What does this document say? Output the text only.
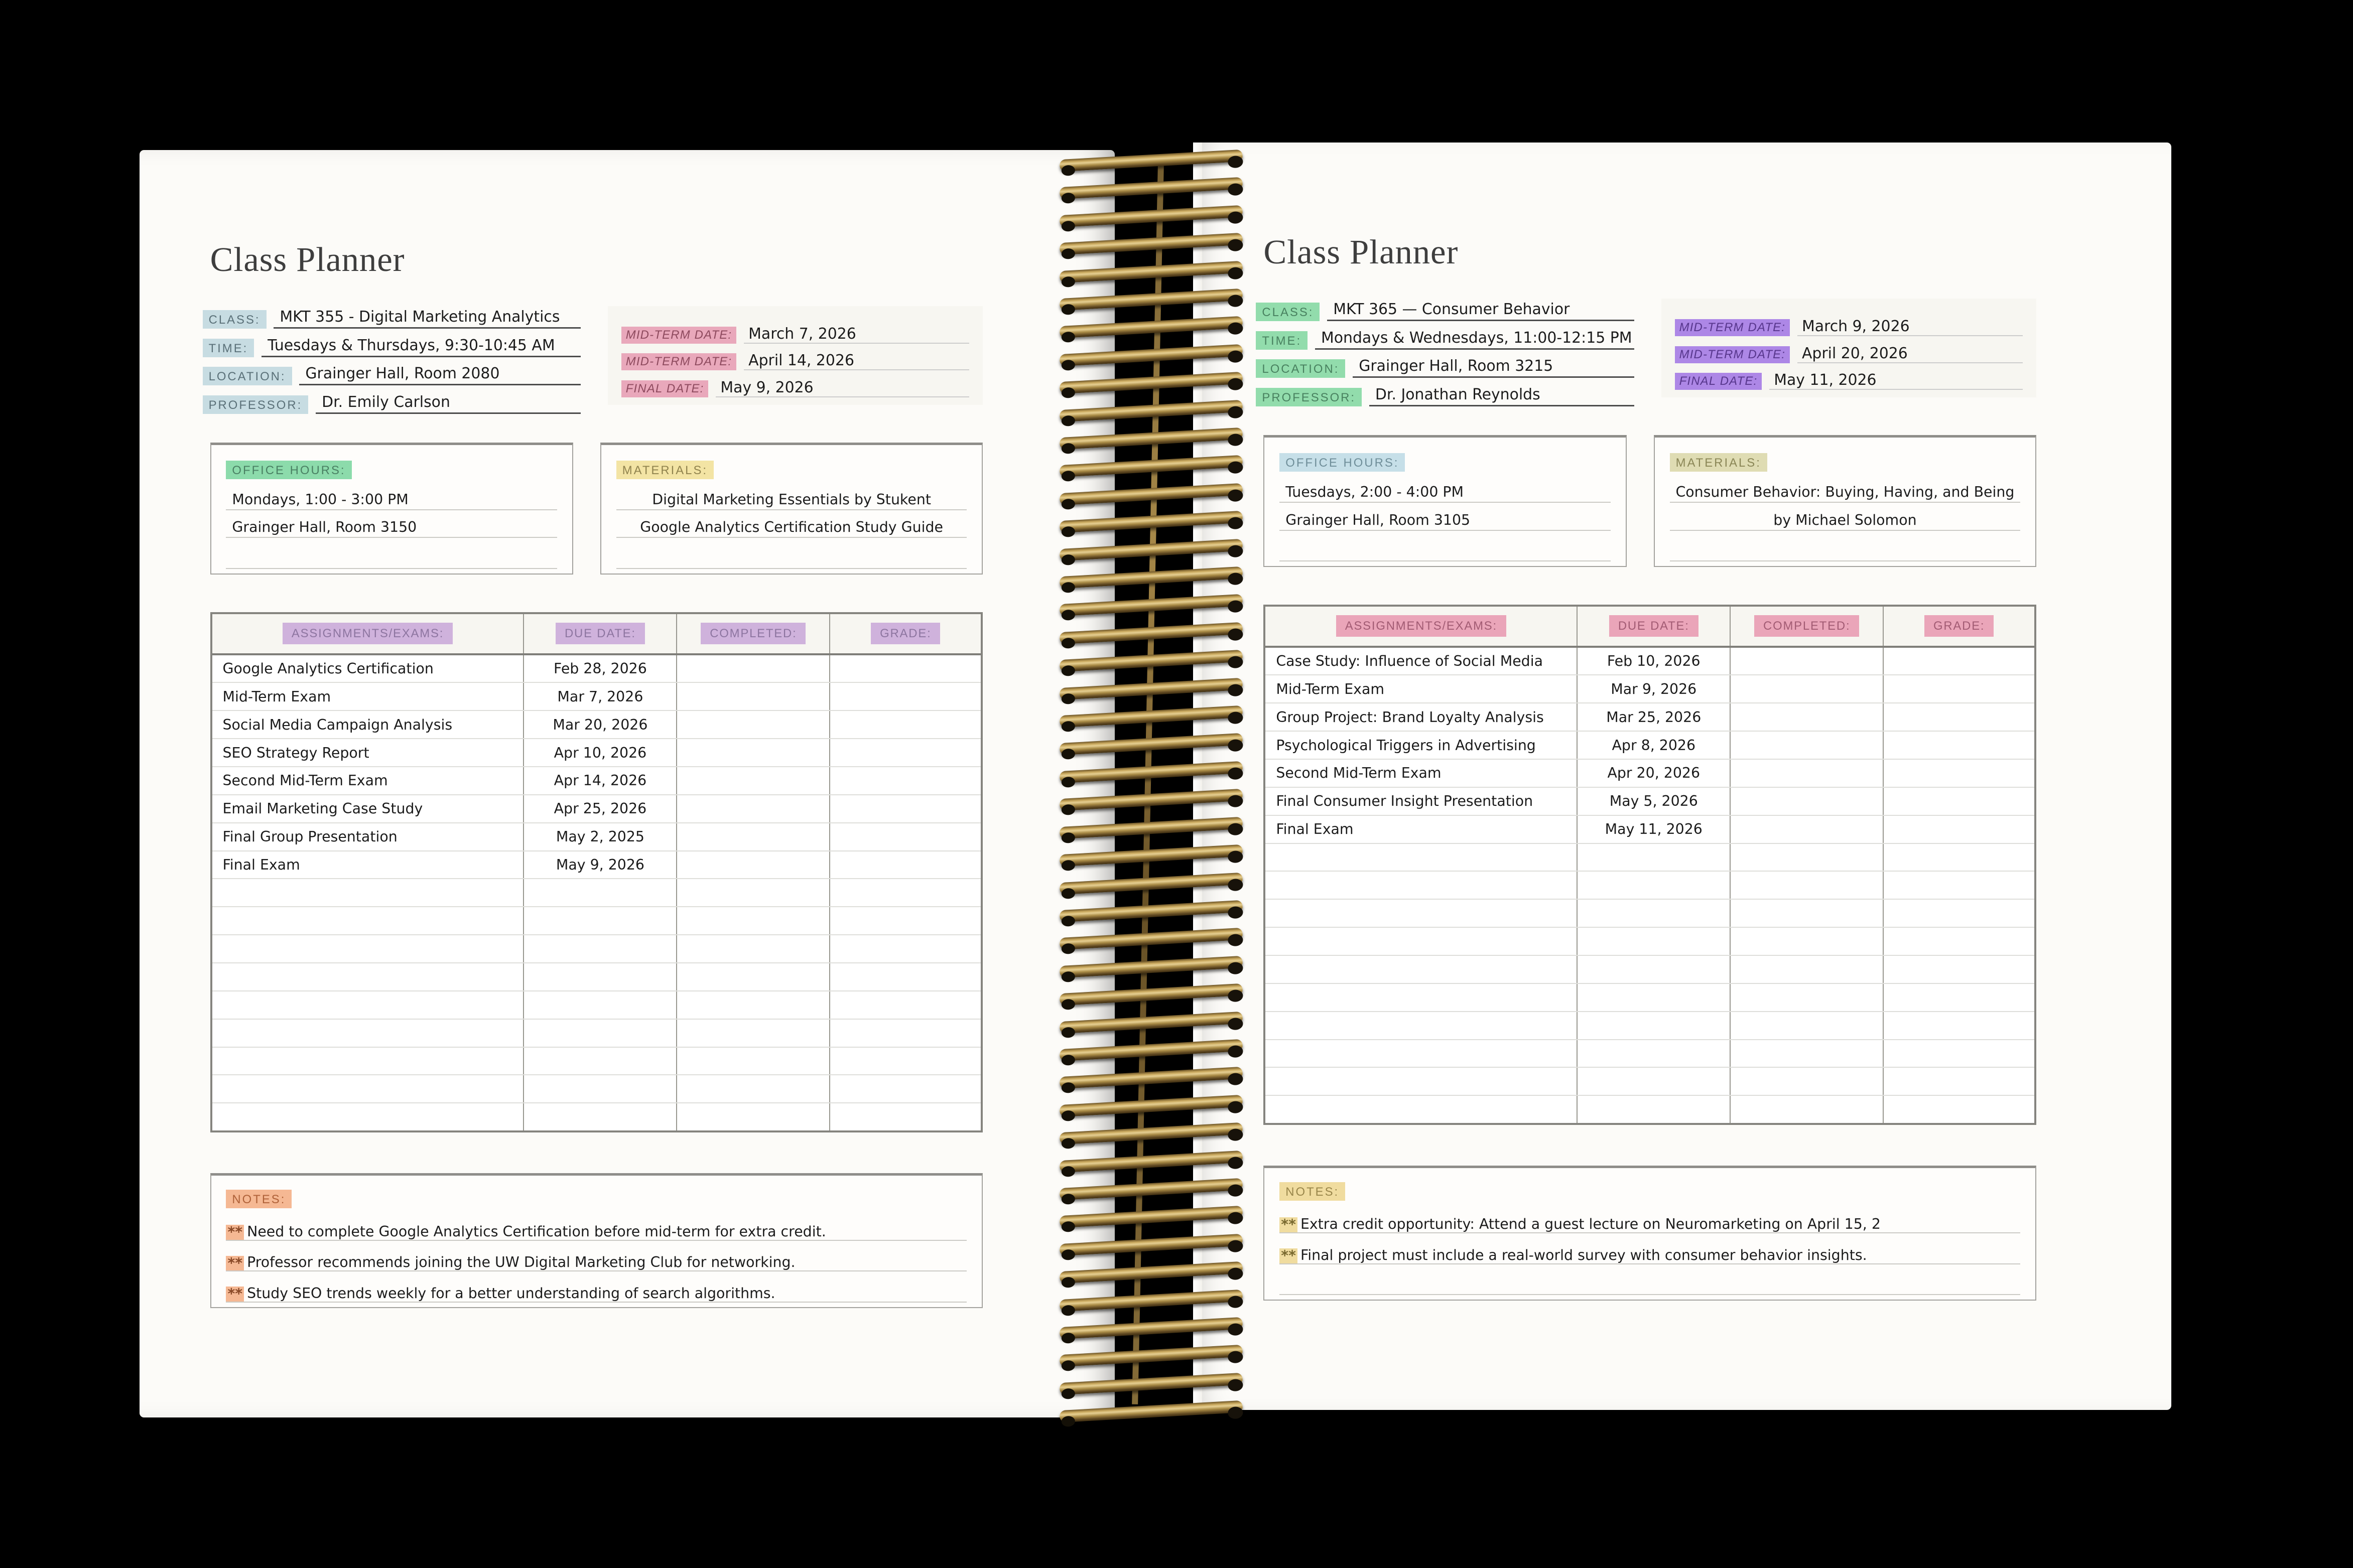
Class Planner
CLASS:	MKT 355 - Digital Marketing Analytics
TIME:	Tuesdays & Thursdays, 9:30-10:45 AM
LOCATION:	Grainger Hall, Room 2080
PROFESSOR:	Dr. Emily Carlson
MID-TERM DATE:	March 7, 2026
MID-TERM DATE:	April 14, 2026
FINAL DATE:	May 9, 2026
OFFICE HOURS:
Mondays, 1:00 - 3:00 PM
Grainger Hall, Room 3150
MATERIALS:
Digital Marketing Essentials by Stukent
Google Analytics Certification Study Guide
ASSIGNMENTS/EXAMS:	DUE DATE:	COMPLETED:	GRADE:
Google Analytics Certification	Feb 28, 2026
Mid-Term Exam	Mar 7, 2026
Social Media Campaign Analysis	Mar 20, 2026
SEO Strategy Report	Apr 10, 2026
Second Mid-Term Exam	Apr 14, 2026
Email Marketing Case Study	Apr 25, 2026
Final Group Presentation	May 2, 2025
Final Exam	May 9, 2026
NOTES:
** Need to complete Google Analytics Certification before mid-term for extra credit.
** Professor recommends joining the UW Digital Marketing Club for networking.
** Study SEO trends weekly for a better understanding of search algorithms.
Class Planner
CLASS:	MKT 365 — Consumer Behavior
TIME:	Mondays & Wednesdays, 11:00-12:15 PM
LOCATION:	Grainger Hall, Room 3215
PROFESSOR:	Dr. Jonathan Reynolds
MID-TERM DATE:	March 9, 2026
MID-TERM DATE:	April 20, 2026
FINAL DATE:	May 11, 2026
OFFICE HOURS:
Tuesdays, 2:00 - 4:00 PM
Grainger Hall, Room 3105
MATERIALS:
Consumer Behavior: Buying, Having, and Being
by Michael Solomon
ASSIGNMENTS/EXAMS:	DUE DATE:	COMPLETED:	GRADE:
Case Study: Influence of Social Media	Feb 10, 2026
Mid-Term Exam	Mar 9, 2026
Group Project: Brand Loyalty Analysis	Mar 25, 2026
Psychological Triggers in Advertising	Apr 8, 2026
Second Mid-Term Exam	Apr 20, 2026
Final Consumer Insight Presentation	May 5, 2026
Final Exam	May 11, 2026
NOTES:
** Extra credit opportunity: Attend a guest lecture on Neuromarketing on April 15, 2
** Final project must include a real-world survey with consumer behavior insights.
